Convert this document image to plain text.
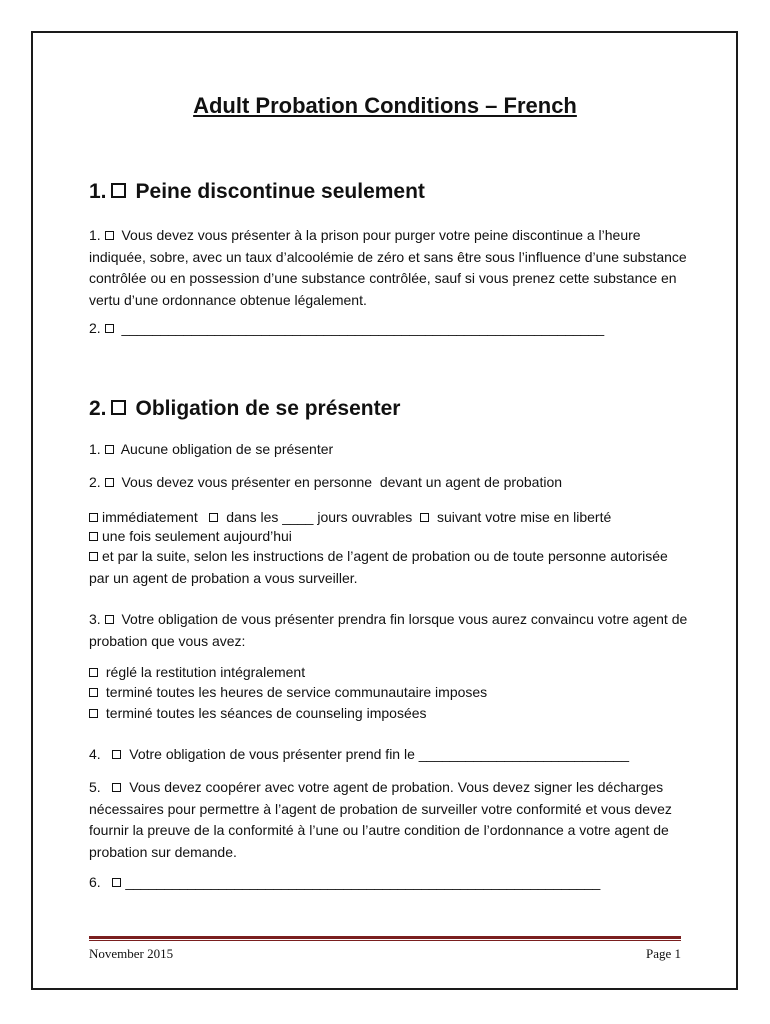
Adult Probation Conditions – French
1. Peine discontinue seulement
1. Vous devez vous présenter à la prison pour purger votre peine discontinue a l’heure indiquée, sobre, avec un taux d’alcoolémie de zéro et sans être sous l’influence d’une substance contrôlée ou en possession d’une substance contrôlée, sauf si vous prenez cette substance en vertu d’une ordonnance obtenue légalement.
2. ______________________________________________________________
2. Obligation de se présenter
1. Aucune obligation de se présenter
2. Vous devez vous présenter en personne  devant un agent de probation
immédiatement dans les ____ jours ouvrables suivant votre mise en liberté
une fois seulement aujourd’hui
et par la suite, selon les instructions de l’agent de probation ou de toute personne autorisée par un agent de probation a vous surveiller.
3. Votre obligation de vous présenter prendra fin lorsque vous aurez convaincu votre agent de probation que vous avez:
réglé la restitution intégralement
terminé toutes les heures de service communautaire imposes
terminé toutes les séances de counseling imposées
4. Votre obligation de vous présenter prend fin le ___________________________
5. Vous devez coopérer avec votre agent de probation. Vous devez signer les décharges nécessaires pour permettre à l’agent de probation de surveiller votre conformité et vous devez fournir la preuve de la conformité à l’une ou l’autre condition de l’ordonnance a votre agent de probation sur demande.
6. _____________________________________________________________
November 2015	Page 1
